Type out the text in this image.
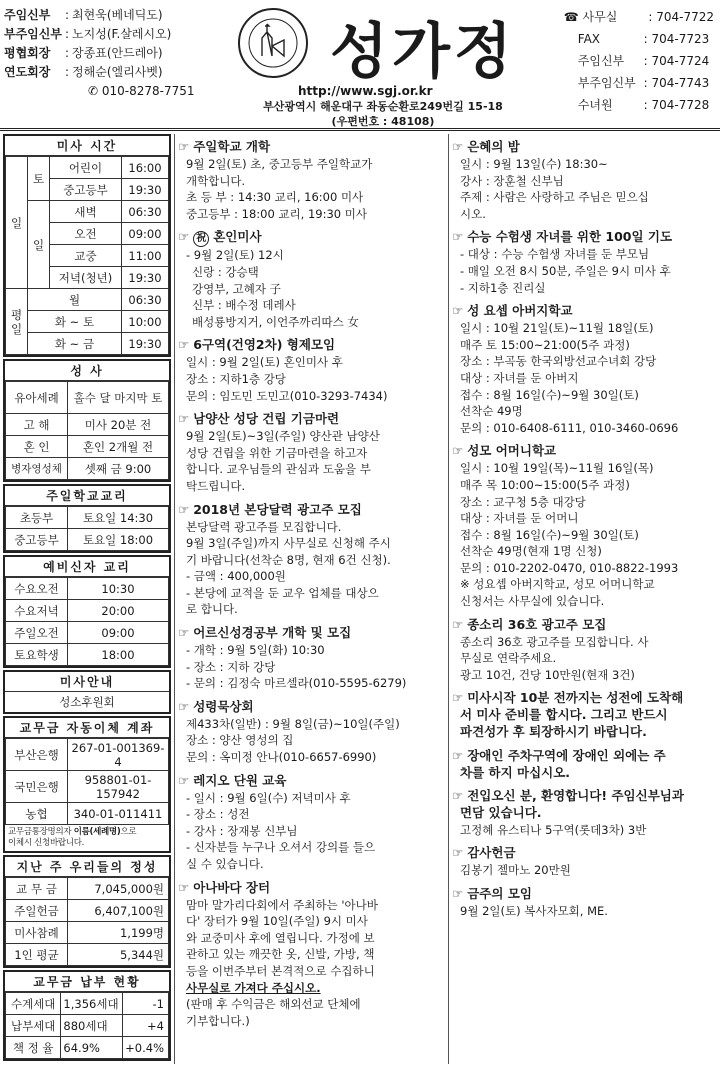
주임신부 : 최현욱(베네딕도)
부주임신부 : 노지성(F.살레시오)
평협회장 : 장종표(안드레아)
연도회장 : 정해순(엘리사벳)
✆ 010-8278-7751
성가정
http://www.sgj.or.kr
부산광역시 해운대구 좌동순환로249번길 15-18
(우편번호 : 48108)
☎ 사무실 : 704-7722
FAX	: 704-7723
주임신부 : 704-7724
부주임신부 : 704-7743
수녀원 : 704-7728
미사 시간
일	토	어린이	16:00
		중고등부	19:30
	일	새벽	06:30
		오전	09:00
		교중	11:00
		저녁(청년)	19:30
평일	월		06:30
	화 ~ 토		10:00
	화 ~ 금		19:30
성 사
유아세례	홀수 달 마지막 토
고 해	미사 20분 전
혼 인	혼인 2개월 전
병자영성체	셋째 금 9:00
주일학교교리
초등부	토요일 14:30
중고등부	토요일 18:00
예비신자 교리
수요오전	10:30
수요저녁	20:00
주일오전	09:00
토요학생	18:00
미사안내
성소후원회
교무금 자동이체 계좌
부산은행	267-01-001369-4
국민은행	958801-01-157942
농협	340-01-011411
교무금통장명의자 이름(세례명)으로
이체시 신청바랍니다.
지난 주 우리들의 정성
교 무 금	7,045,000원
주일헌금	6,407,100원
미사참례	1,199명
1인 평균	5,344원
교무금 납부 현황
수계세대	1,356세대	-1
납부세대	880세대	+4
책 정 율	64.9%	+0.4%
☞ 주일학교 개학
9월 2일(토) 초, 중고등부 주일학교가
개학합니다.
초 등 부 : 14:30 교리, 16:00 미사
중고등부 : 18:00 교리, 19:30 미사
☞ 祝 혼인미사
- 9월 2일(토) 12시
신랑 : 강승택
강영부, 고혜자 子
신부 : 배수정 데레사
배성룡방지거, 이언주까리따스 女
☞ 6구역(건영2차) 형제모임
일시 : 9월 2일(토) 혼인미사 후
장소 : 지하1층 강당
문의 : 임도민 도민고(010-3293-7434)
☞ 남양산 성당 건립 기금마련
9월 2일(토)~3일(주일) 양산관 남양산
성당 건립을 위한 기금마련을 하고자
합니다. 교우님들의 관심과 도움을 부
탁드립니다.
☞ 2018년 본당달력 광고주 모집
본당달력 광고주를 모집합니다.
9월 3일(주일)까지 사무실로 신청해 주시
기 바랍니다(선착순 8명, 현재 6건 신청).
- 금액 : 400,000원
- 본당에 교적을 둔 교우 업체를 대상으
로 합니다.
☞ 어르신성경공부 개학 및 모집
- 개학 : 9월 5일(화) 10:30
- 장소 : 지하 강당
- 문의 : 김정숙 마르셀라(010-5595-6279)
☞ 성령묵상회
제433차(일반) : 9월 8일(금)~10일(주일)
장소 : 양산 영성의 집
문의 : 옥미정 안나(010-6657-6990)
☞ 레지오 단원 교육
- 일시 : 9월 6일(수) 저녁미사 후
- 장소 : 성전
- 강사 : 장재봉 신부님
- 신자분들 누구나 오셔서 강의를 들으
실 수 있습니다.
☞ 아나바다 장터
맘마 말가리다회에서 주최하는 '아나바
다' 장터가 9월 10일(주일) 9시 미사
와 교중미사 후에 열립니다. 가정에 보
관하고 있는 깨끗한 옷, 신발, 가방, 책
등을 이번주부터 본격적으로 수집하니
사무실로 가져다 주십시오.
(판매 후 수익금은 해외선교 단체에
기부합니다.)
☞ 은혜의 밤
일시 : 9월 13일(수) 18:30~
강사 : 장훈철 신부님
주제 : 사람은 사랑하고 주님은 믿으십
시오.
☞ 수능 수험생 자녀를 위한 100일 기도
- 대상 : 수능 수험생 자녀를 둔 부모님
- 매일 오전 8시 50분, 주일은 9시 미사 후
- 지하1층 진리실
☞ 성 요셉 아버지학교
일시 : 10월 21일(토)~11월 18일(토)
매주 토 15:00~21:00(5주 과정)
장소 : 부곡동 한국외방선교수녀회 강당
대상 : 자녀를 둔 아버지
접수 : 8월 16일(수)~9월 30일(토)
선착순 49명
문의 : 010-6408-6111, 010-3460-0696
☞ 성모 어머니학교
일시 : 10월 19일(목)~11월 16일(목)
매주 목 10:00~15:00(5주 과정)
장소 : 교구청 5층 대강당
대상 : 자녀를 둔 어머니
접수 : 8월 16일(수)~9월 30일(토)
선착순 49명(현재 1명 신청)
문의 : 010-2202-0470, 010-8822-1993
※ 성요셉 아버지학교, 성모 어머니학교
신청서는 사무실에 있습니다.
☞ 종소리 36호 광고주 모집
종소리 36호 광고주를 모집합니다. 사
무실로 연락주세요.
광고 10건, 건당 10만원(현재 3건)
☞ 미사시작 10분 전까지는 성전에 도착해
서 미사 준비를 합시다. 그리고 반드시
파견성가 후 퇴장하시기 바랍니다.
☞ 장애인 주차구역에 장애인 외에는 주
차를 하지 마십시오.
☞ 전입오신 분, 환영합니다! 주임신부님과
면담 있습니다.
고정혜 유스티나 5구역(롯데3차) 3반
☞ 감사헌금
김봉기 젤마노 20만원
☞ 금주의 모임
9월 2일(토) 복사자모회, ME.
